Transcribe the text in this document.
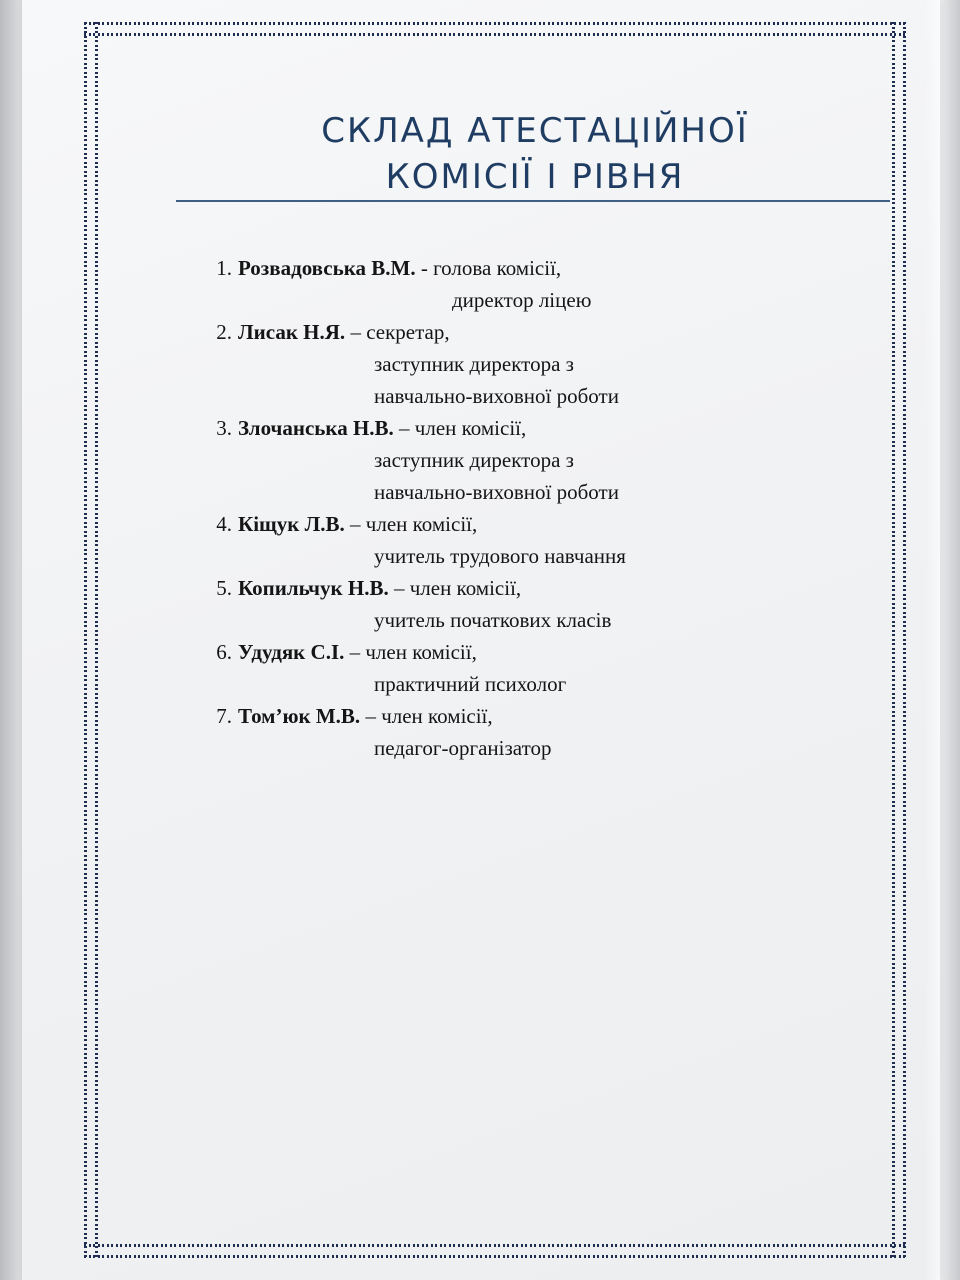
СКЛАД АТЕСТАЦІЙНОЇ
КОМІСІЇ І РІВНЯ
1. Розвадовська В.М. - голова комісії,
директор ліцею
2. Лисак Н.Я. – секретар,
заступник директора з
навчально-виховної роботи
3. Злочанська Н.В. – член комісії,
заступник директора з
навчально-виховної роботи
4. Кіщук Л.В. – член комісії,
учитель трудового навчання
5. Копильчук Н.В. – член комісії,
учитель початкових класів
6. Удудяк С.І. – член комісії,
практичний психолог
7. Том’юк М.В. – член комісії,
педагог-організатор
